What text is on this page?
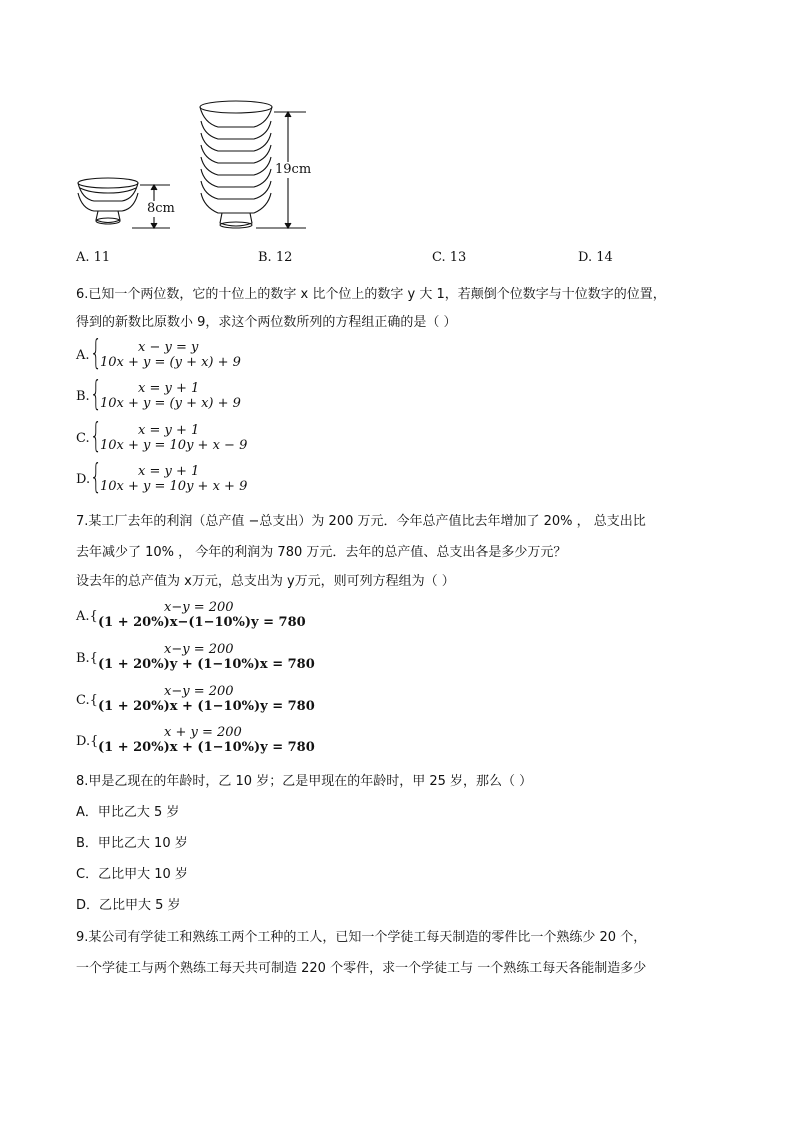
8cm
19cm
A. 11	B. 12	C. 13	D. 14
6.已知一个两位数，它的十位上的数字 x 比个位上的数字 y 大 1，若颠倒个位数字与十位数字的位置，
得到的新数比原数小 9，求这个两位数所列的方程组正确的是（ ）
A. {	x − y = y
10x + y = (y + x) + 9
B. {	x = y + 1
10x + y = (y + x) + 9
C. {	x = y + 1
10x + y = 10y + x − 9
D. {	x = y + 1
10x + y = 10y + x + 9
7.某工厂去年的利润（总产值 −总支出）为 200 万元．今年总产值比去年增加了 20% ， 总支出比
去年减少了 10% ， 今年的利润为 780 万元．去年的总产值、总支出各是多少万元？
设去年的总产值为 x万元，总支出为 y万元，则可列方程组为（ ）
A.{
x−y = 200
(1 + 20%)x−(1−10%)y = 780
B.{
x−y = 200
(1 + 20%)y + (1−10%)x = 780
C.{
x−y = 200
(1 + 20%)x + (1−10%)y = 780
D.{
x + y = 200
(1 + 20%)x + (1−10%)y = 780
8.甲是乙现在的年龄时，乙 10 岁；乙是甲现在的年龄时，甲 25 岁，那么（ ）
A．甲比乙大 5 岁
B．甲比乙大 10 岁
C．乙比甲大 10 岁
D．乙比甲大 5 岁
9.某公司有学徒工和熟练工两个工种的工人，已知一个学徒工每天制造的零件比一个熟练少 20 个，
一个学徒工与两个熟练工每天共可制造 220 个零件，求一个学徒工与 一个熟练工每天各能制造多少
